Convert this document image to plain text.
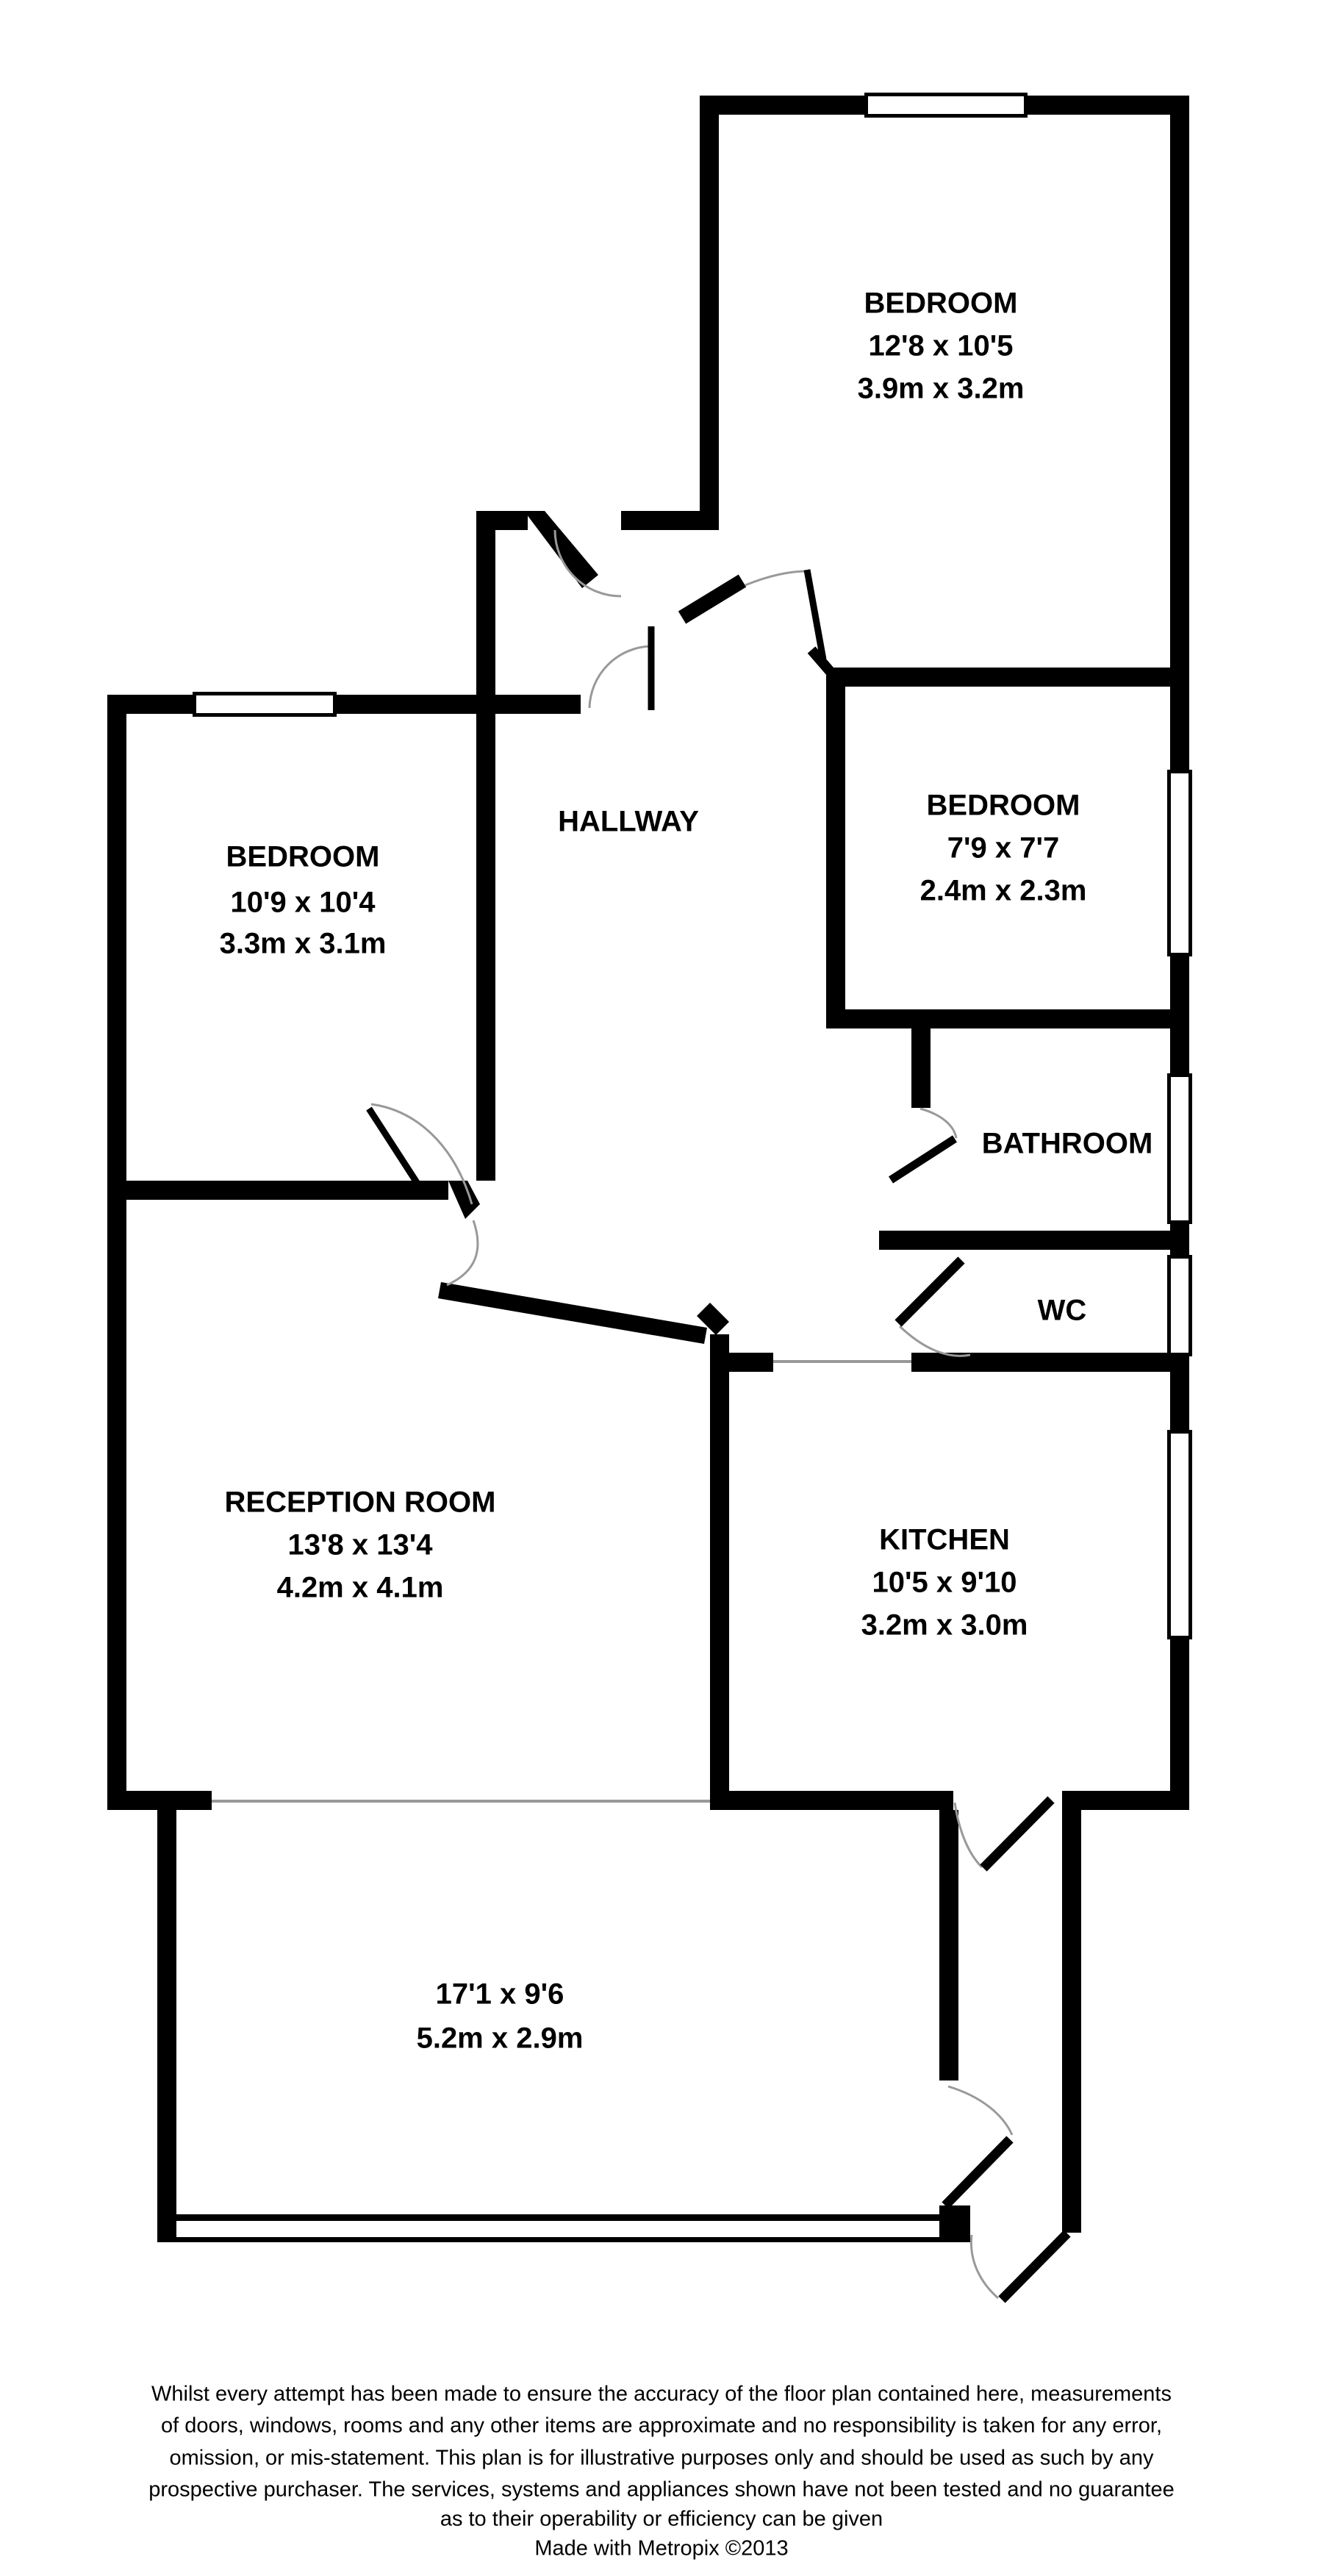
BEDROOM
12'8 x 10'5
3.9m x 3.2m
BEDROOM
10'9 x 10'4
3.3m x 3.1m
HALLWAY	BEDROOM
7'9 x 7'7
2.4m x 2.3m
BATHROOM
WC
RECEPTION ROOM
13'8 x 13'4
4.2m x 4.1m
KITCHEN
10'5 x 9'10
3.2m x 3.0m
17'1 x 9'6
5.2m x 2.9m
Whilst every attempt has been made to ensure the accuracy of the floor plan contained here, measurements
of doors, windows, rooms and any other items are approximate and no responsibility is taken for any error,
omission, or mis-statement. This plan is for illustrative purposes only and should be used as such by any
prospective purchaser. The services, systems and appliances shown have not been tested and no guarantee
as to their operability or efficiency can be given
Made with Metropix ©2013
